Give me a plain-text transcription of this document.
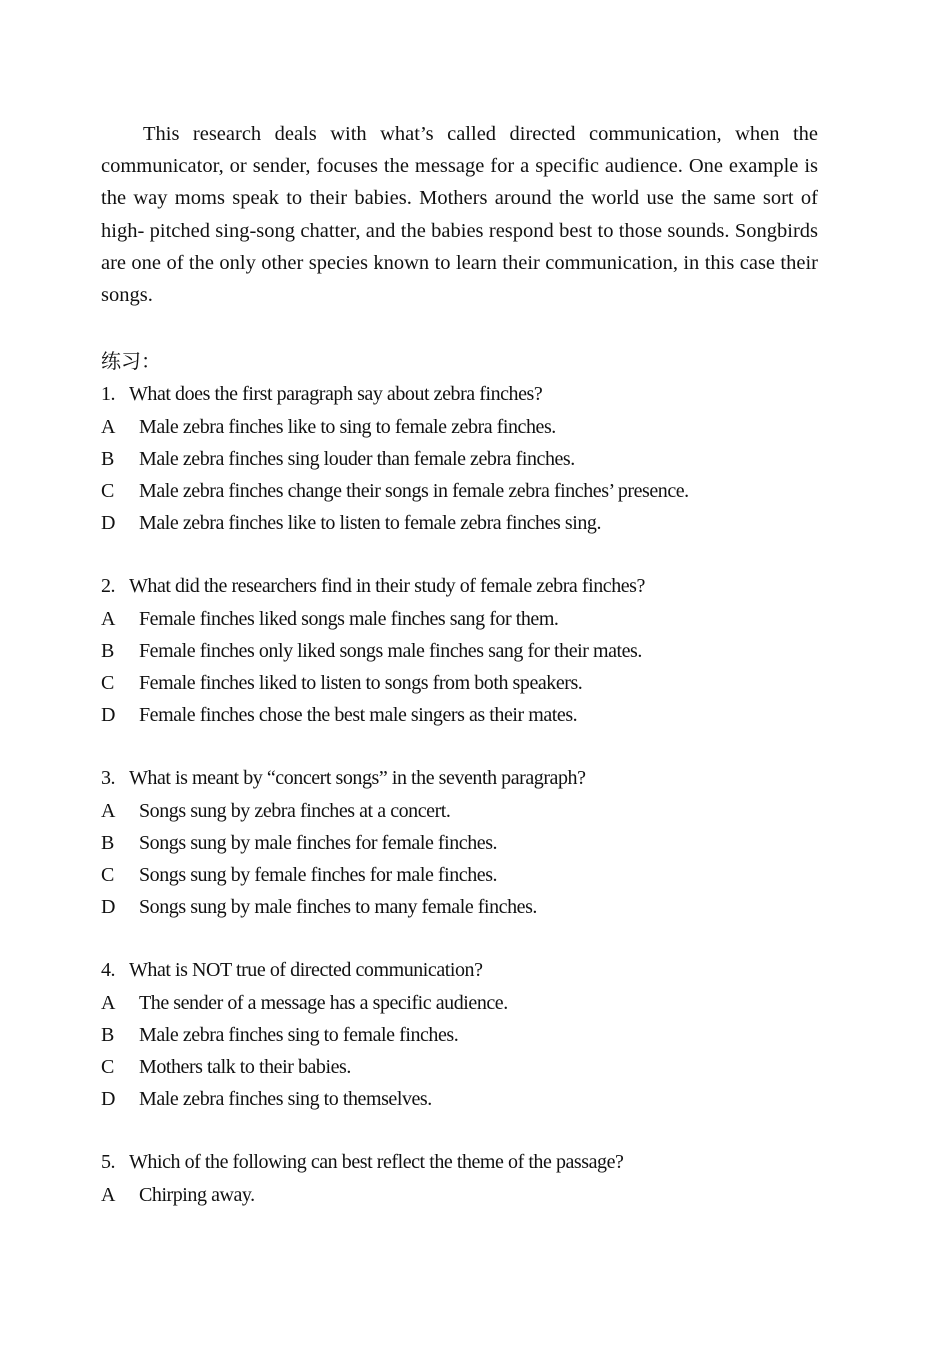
This research deals with what’s called directed communication, when the communicator, or sender, focuses the message for a specific audience. One example is the way moms speak to their babies. Mothers around the world use the same sort of high- pitched sing-song chatter, and the babies respond best to those sounds. Songbirds are one of the only other species known to learn their communication, in this case their songs.

练习：
1. What does the first paragraph say about zebra finches?
A Male zebra finches like to sing to female zebra finches.
B Male zebra finches sing louder than female zebra finches.
C Male zebra finches change their songs in female zebra finches’ presence.
D Male zebra finches like to listen to female zebra finches sing.
2. What did the researchers find in their study of female zebra finches?
A Female finches liked songs male finches sang for them.
B Female finches only liked songs male finches sang for their mates.
C Female finches liked to listen to songs from both speakers.
D Female finches chose the best male singers as their mates.
3. What is meant by “concert songs” in the seventh paragraph?
A Songs sung by zebra finches at a concert.
B Songs sung by male finches for female finches.
C Songs sung by female finches for male finches.
D Songs sung by male finches to many female finches.
4. What is NOT true of directed communication?
A The sender of a message has a specific audience.
B Male zebra finches sing to female finches.
C Mothers talk to their babies.
D Male zebra finches sing to themselves.
5. Which of the following can best reflect the theme of the passage?
A Chirping away.
